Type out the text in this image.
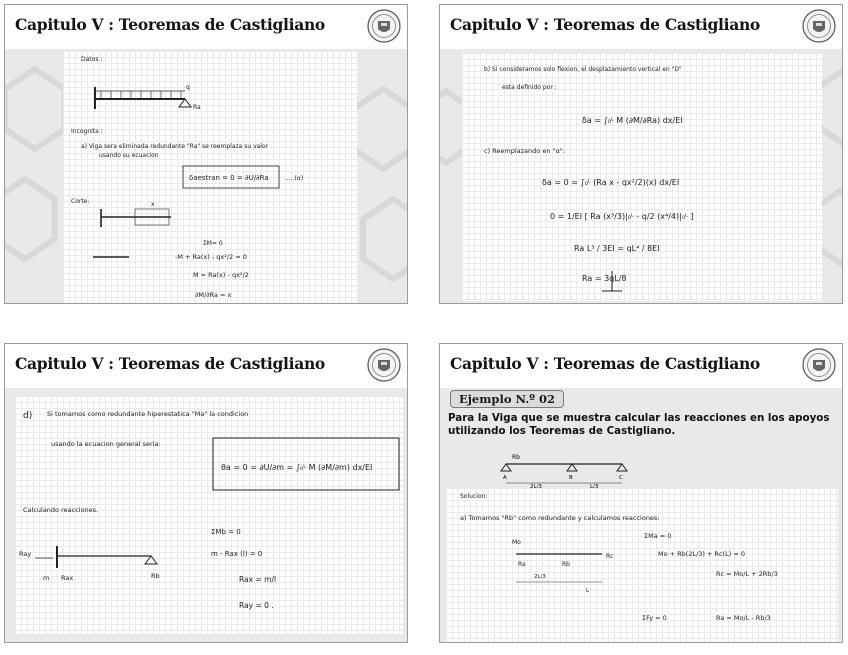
Capitulo V : Teoremas de Castigliano
Datos :
q
Ra
Incognita :
a) Viga sera eliminada redundante "Ra" se reemplaza su valor
usando su ecuacion
δaestran = 0 = ∂U/∂Ra	.....(α)
Corte:	x
ΣM= 0
-M + Ra(x) - qx²/2 = 0
M = Ra(x) - qx²/2
∂M/∂Ra = x
Capitulo V : Teoremas de Castigliano
b) Si consideramos solo flexion, el desplazamiento vertical en "D"
esta definido por :
δa = ∫₀ᴸ M (∂M/∂Ra) dx/EI
c) Reemplazando en "α":
δa = 0 = ∫₀ᴸ (Ra x - qx²/2)(x) dx/EI
0 = 1/EI [ Ra (x³/3)|₀ᴸ - q/2 (x⁴/4)|₀ᴸ ]
Ra L³ / 3EI = qL⁴ / 8EI
Ra = 3qL/8
Capitulo V : Teoremas de Castigliano
d) Si tomamos como redundante hiperestatica "Ma" la condicion
usando la ecuacion general seria:
θa = 0 = ∂U/∂m = ∫₀ᴸ M (∂M/∂m) dx/EI
Calculando reacciones.
Ray
m Rax	Rb
ΣMb = 0
m - Rax (l) = 0
Rax = m/l
Ray = 0 .
Capitulo V : Teoremas de Castigliano
Ejemplo N.º 02
Para la Viga que se muestra calcular las reacciones en los apoyos utilizando los Teoremas de Castigliano.
Rb
A	B	C
2L/3	L/3
Solucion:
a) Tomamos "Rb" como redundante y calculamos reacciones:
Mo
Ra	Rb
Rc
2L/3
L
ΣMa = 0
Mo + Rb(2L/3) + Rc(L) = 0
Rc = Mo/L + 2Rb/3
ΣFy = 0	Ra = Mo/L - Rb/3
